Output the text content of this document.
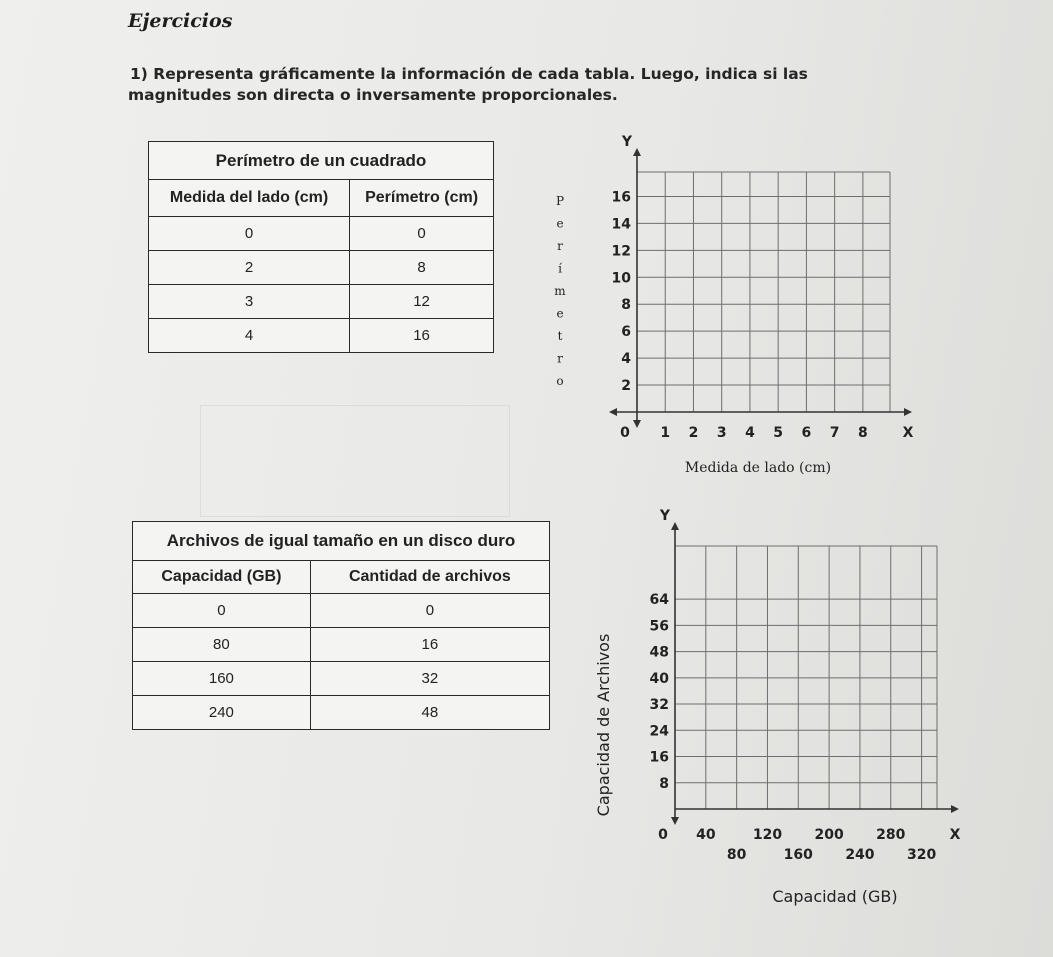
Ejercicios
1) Representa gráficamente la información de cada tabla. Luego, indica si las
magnitudes son directa o inversamente proporcionales.
Perímetro de un cuadrado	
Medida del lado (cm)	Perímetro (cm)
0	0
2	8
3	12
4	16
Archivos de igual tamaño en un disco duro	
Capacidad (GB)	Cantidad de archivos
0	0
80	16
160	32
240	48
1 2 3 4 5 6 7 8
2
4
6
8
10
12
14
16
0	X
Y
Medida de lado (cm)
P
e
r
í
m
e
t
r
o
40
80
120
160
200
240
280
320
8
16
24
32
40
48
56
64
0	X
Y
Capacidad (GB)
Capacidad de Archivos
